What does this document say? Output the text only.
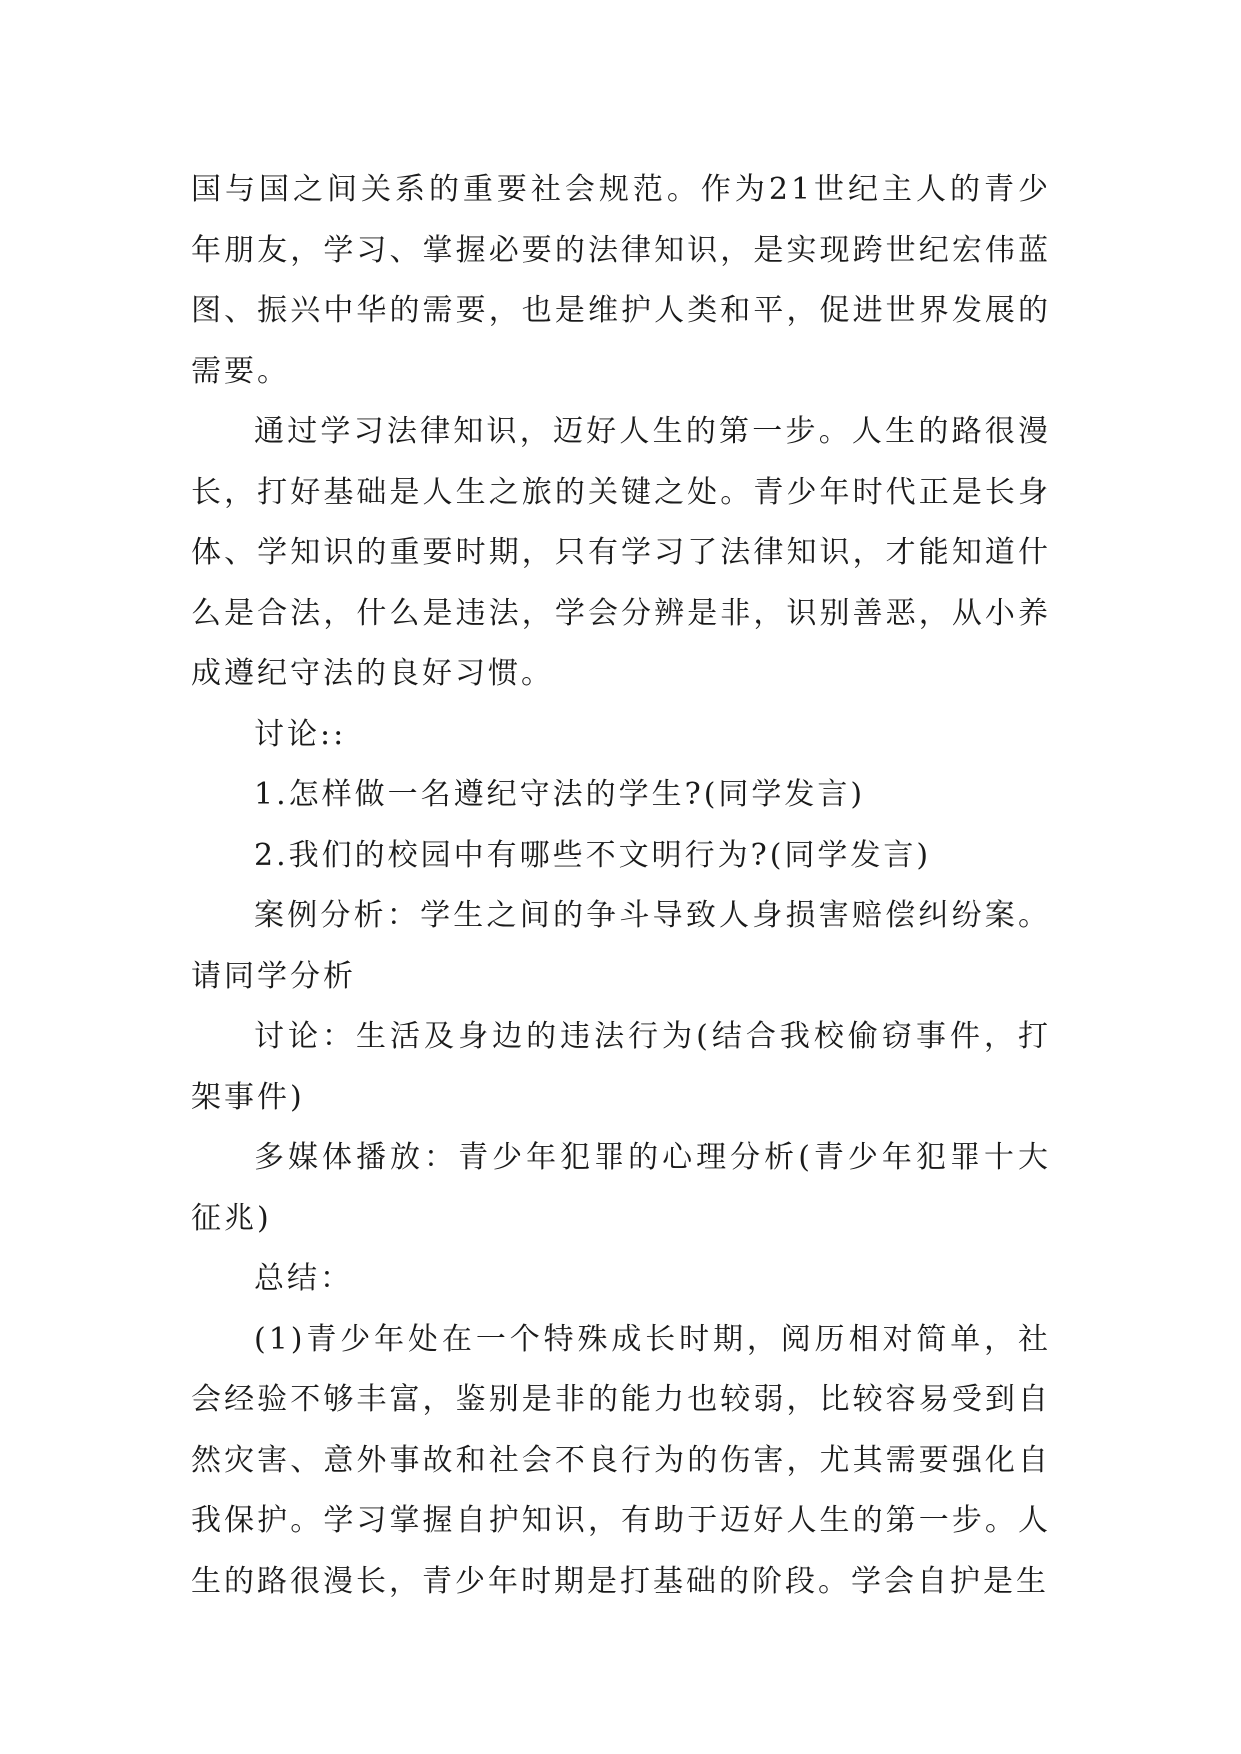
国与国之间关系的重要社会规范。作为21世纪主人的青少年朋友，学习、掌握必要的法律知识，是实现跨世纪宏伟蓝图、振兴中华的需要，也是维护人类和平，促进世界发展的需要。

通过学习法律知识，迈好人生的第一步。人生的路很漫长，打好基础是人生之旅的关键之处。青少年时代正是长身体、学知识的重要时期，只有学习了法律知识，才能知道什么是合法，什么是违法，学会分辨是非，识别善恶，从小养成遵纪守法的良好习惯。

讨论::

1.怎样做一名遵纪守法的学生?(同学发言)

2.我们的校园中有哪些不文明行为?(同学发言)

案例分析：学生之间的争斗导致人身损害赔偿纠纷案。请同学分析

讨论：生活及身边的违法行为(结合我校偷窃事件，打架事件)

多媒体播放：青少年犯罪的心理分析(青少年犯罪十大征兆)

总结：

(1)青少年处在一个特殊成长时期，阅历相对简单，社会经验不够丰富，鉴别是非的能力也较弱，比较容易受到自然灾害、意外事故和社会不良行为的伤害，尤其需要强化自我保护。学习掌握自护知识，有助于迈好人生的第一步。人生的路很漫长，青少年时期是打基础的阶段。学会自护是生
